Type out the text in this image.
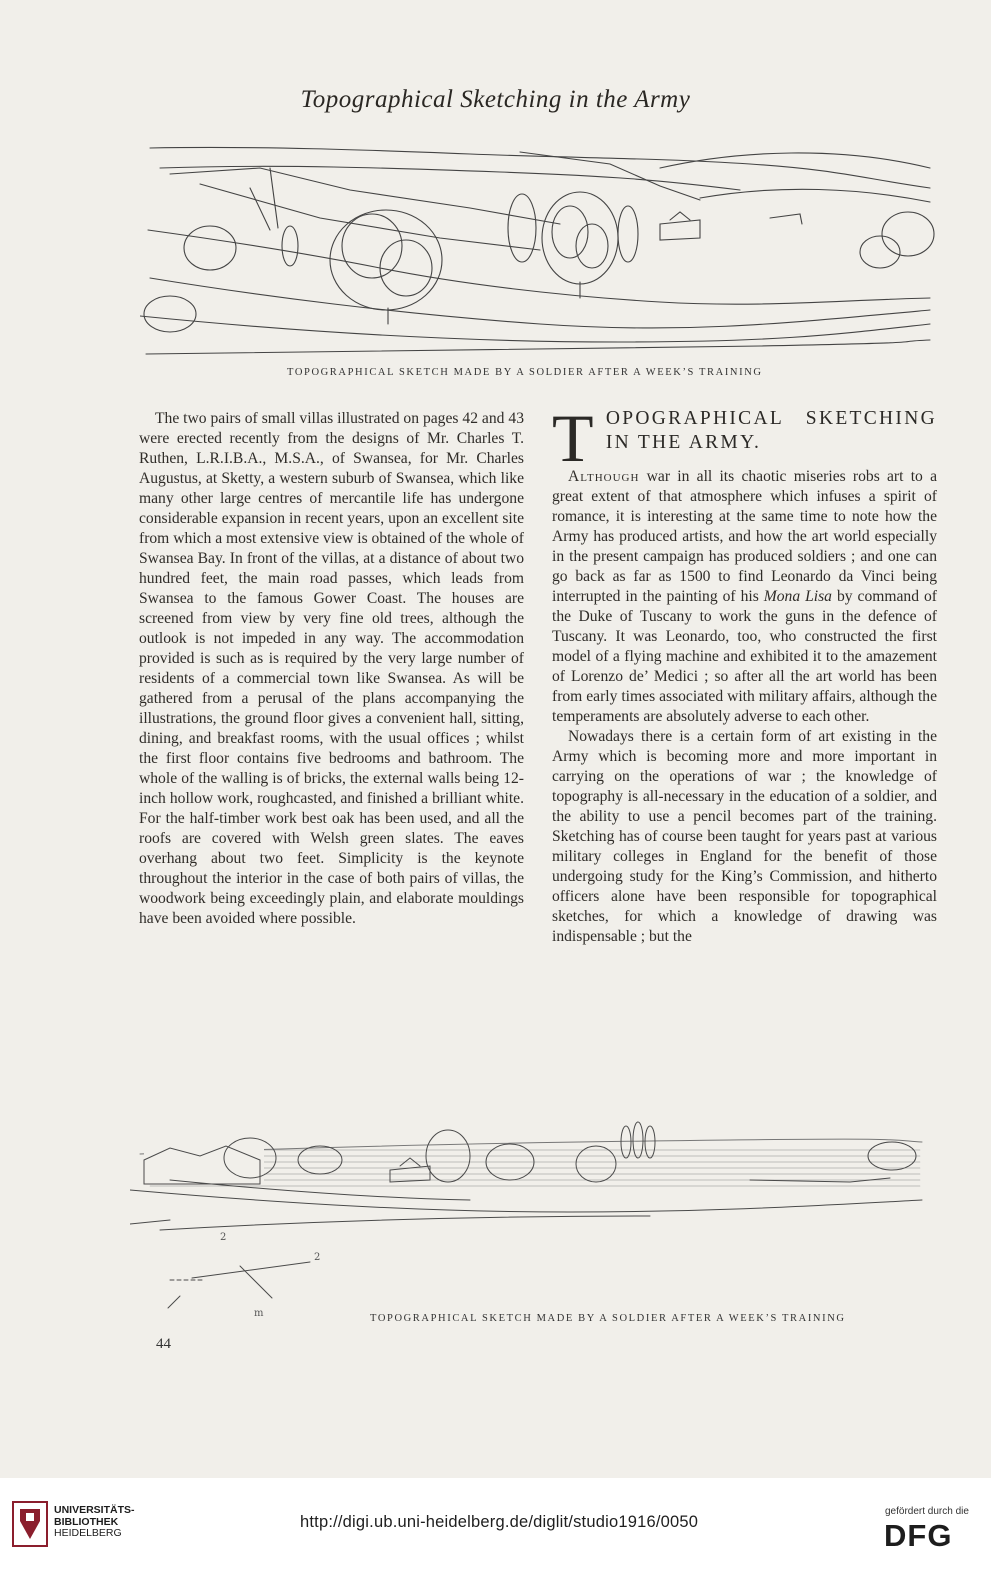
Topographical Sketching in the Army
TOPOGRAPHICAL SKETCH MADE BY A SOLDIER AFTER A WEEK’S TRAINING

The two pairs of small villas illustrated on pages 42 and 43 were erected recently from the designs of Mr. Charles T. Ruthen, L.R.I.B.A., M.S.A., of Swansea, for Mr. Charles Augustus, at Sketty, a western suburb of Swansea, which like many other large centres of mercantile life has undergone considerable expansion in recent years, upon an excellent site from which a most extensive view is obtained of the whole of Swansea Bay. In front of the villas, at a distance of about two hundred feet, the main road passes, which leads from Swansea to the famous Gower Coast. The houses are screened from view by very fine old trees, although the outlook is not impeded in any way. The accommodation provided is such as is required by the very large number of residents of a commercial town like Swansea. As will be gathered from a perusal of the plans accompanying the illustrations, the ground floor gives a convenient hall, sitting, dining, and breakfast rooms, with the usual offices ; whilst the first floor contains five bedrooms and bathroom. The whole of the walling is of bricks, the external walls being 12-inch hollow work, roughcasted, and finished a brilliant white. For the half-timber work best oak has been used, and all the roofs are covered with Welsh green slates. The eaves overhang about two feet. Simplicity is the keynote throughout the interior in the case of both pairs of villas, the woodwork being exceedingly plain, and elaborate mouldings have been avoided where possible.

T OPOGRAPHICAL SKETCHING IN THE ARMY.

Although war in all its chaotic miseries robs art to a great extent of that atmosphere which infuses a spirit of romance, it is interesting at the same time to note how the Army has produced artists, and how the art world especially in the present campaign has produced soldiers ; and one can go back as far as 1500 to find Leonardo da Vinci being interrupted in the painting of his Mona Lisa by command of the Duke of Tuscany to work the guns in the defence of Tuscany. It was Leonardo, too, who constructed the first model of a flying machine and exhibited it to the amazement of Lorenzo de’ Medici ; so after all the art world has been from early times associated with military affairs, although the temperaments are absolutely adverse to each other.

Nowadays there is a certain form of art existing in the Army which is becoming more and more important in carrying on the operations of war ; the knowledge of topography is all-necessary in the education of a soldier, and the ability to use a pencil becomes part of the training. Sketching has of course been taught for years past at various military colleges in England for the benefit of those undergoing study for the King’s Commission, and hitherto officers alone have been responsible for topographical sketches, for which a knowledge of drawing was indispensable ; but the

2
2
m	TOPOGRAPHICAL SKETCH MADE BY A SOLDIER AFTER A WEEK’S TRAINING
44
UNIVERSITÄTS-
BIBLIOTHEK
HEIDELBERG
http://digi.ub.uni-heidelberg.de/diglit/studio1916/0050
gefördert durch die
DFG
